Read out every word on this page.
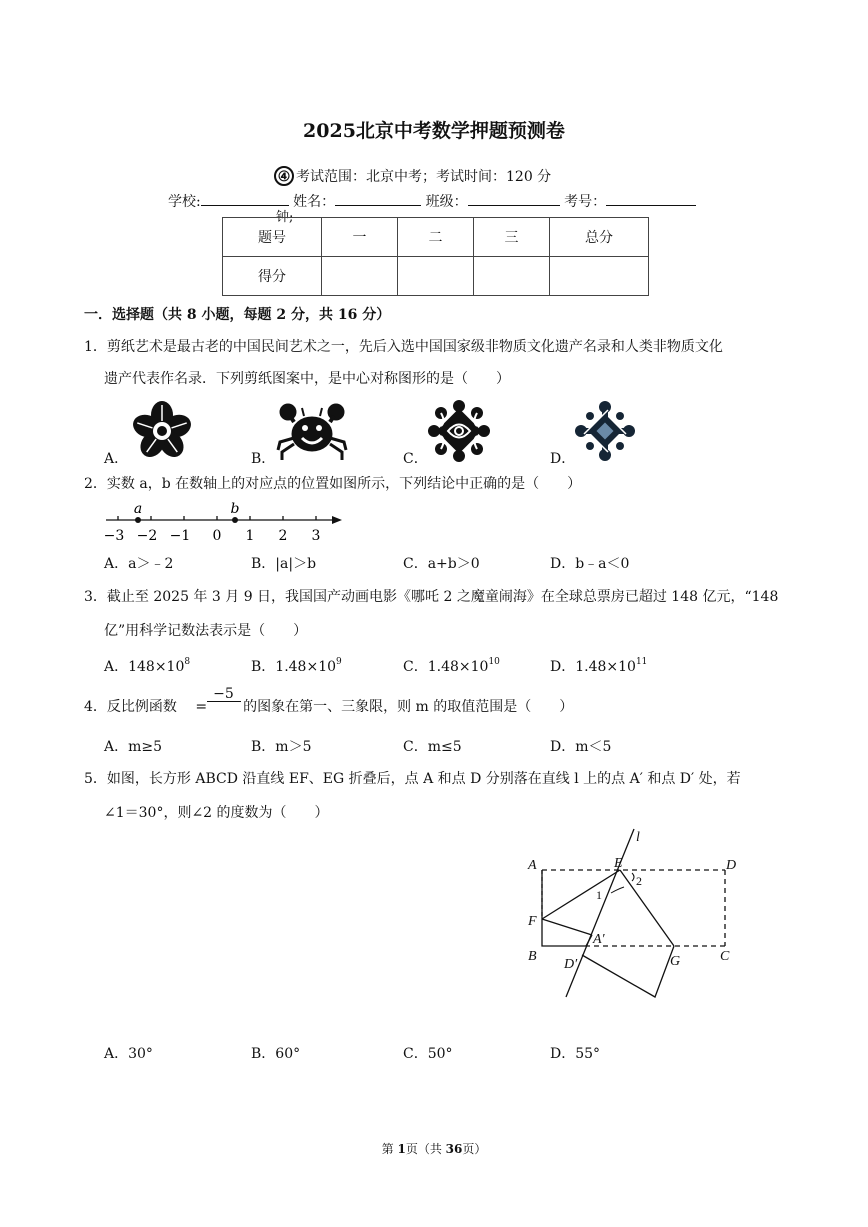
2025北京中考数学押题预测卷
④ 考试范围：北京中考；考试时间：120 分
学校:	姓名：	班级：	考号：
钟;
题号	一	二	三	总分
得分				
一．选择题（共 8 小题，每题 2 分，共 16 分）
1．剪纸艺术是最古老的中国民间艺术之一，先后入选中国国家级非物质文化遗产名录和人类非物质文化
遗产代表作名录．下列剪纸图案中，是中心对称图形的是（　　）
A．	B．	C．	D．
2．实数 a，b 在数轴上的对应点的位置如图所示，下列结论中正确的是（　　）
a	b
−3 −2 −1 0 1 2 3
A．a＞﹣2	B．|a|＞b	C．a+b＞0	D．b﹣a＜0
3．截止至 2025 年 3 月 9 日，我国国产动画电影《哪吒 2 之魔童闹海》在全球总票房已超过 148 亿元，“148
亿”用科学记数法表示是（　　）
A．$148\times 10^8$	B．$1.48\times 10^9$	C．$1.48\times 10^{10}$	D．$1.48\times 10^{11}$
4．反比例函数 　=
−5
的图象在第一、三象限，则 m 的取值范围是（　　）
A．m≥5	B．m＞5	C．m≤5	D．m＜5
5．如图，长方形 ABCD 沿直线 EF、EG 折叠后，点 A 和点 D 分别落在直线 l 上的点 A′ 和点 D′ 处，若
∠1＝30°，则∠2 的度数为（　　）
A	D
E
F
B	C
G
A′
D′
l
1
2
A．30°	B．60°	C．50°	D．55°
第 1页（共 36页）
